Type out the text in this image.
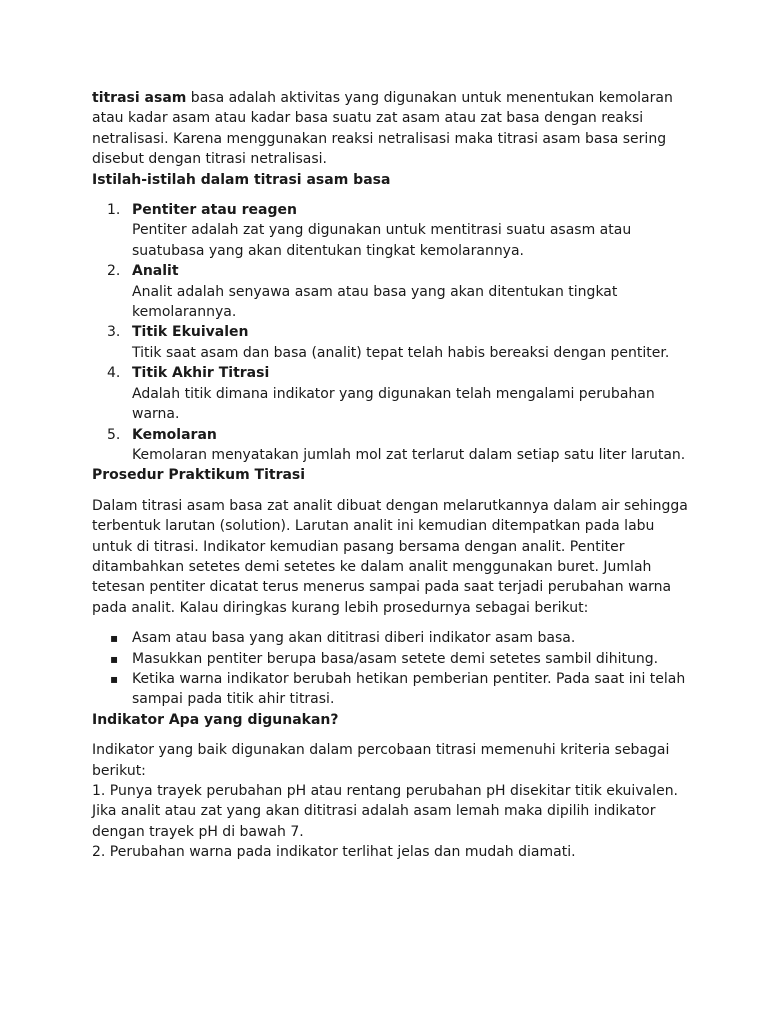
titrasi asam basa adalah aktivitas yang digunakan untuk menentukan kemolaran atau kadar asam atau kadar basa suatu zat asam atau zat basa dengan reaksi netralisasi. Karena menggunakan reaksi netralisasi maka titrasi asam basa sering disebut dengan titrasi netralisasi.

Istilah-istilah dalam titrasi asam basa

1. Pentiter atau reagen
Pentiter adalah zat yang digunakan untuk mentitrasi suatu asasm atau suatubasa yang akan ditentukan tingkat kemolarannya.
2. Analit
Analit adalah senyawa asam atau basa yang akan ditentukan tingkat kemolarannya.
3. Titik Ekuivalen
Titik saat asam dan basa (analit) tepat telah habis bereaksi dengan pentiter.
4. Titik Akhir Titrasi
Adalah titik dimana indikator yang digunakan telah mengalami perubahan warna.
5. Kemolaran
Kemolaran menyatakan jumlah mol zat terlarut dalam setiap satu liter larutan.

Prosedur Praktikum Titrasi

Dalam titrasi asam basa zat analit dibuat dengan melarutkannya dalam air sehingga terbentuk larutan (solution). Larutan analit ini kemudian ditempatkan pada labu untuk di titrasi. Indikator kemudian pasang bersama dengan analit. Pentiter ditambahkan setetes demi setetes ke dalam analit menggunakan buret. Jumlah tetesan pentiter dicatat terus menerus sampai pada saat terjadi perubahan warna pada analit. Kalau diringkas kurang lebih prosedurnya sebagai berikut:

▪ Asam atau basa yang akan dititrasi diberi indikator asam basa.
▪ Masukkan pentiter berupa basa/asam setete demi setetes sambil dihitung.
▪ Ketika warna indikator berubah hetikan pemberian pentiter. Pada saat ini telah sampai pada titik ahir titrasi.

Indikator Apa yang digunakan?

Indikator yang baik digunakan dalam percobaan titrasi memenuhi kriteria sebagai berikut:

1. Punya trayek perubahan pH atau rentang perubahan pH disekitar titik ekuivalen. Jika analit atau zat yang akan dititrasi adalah asam lemah maka dipilih indikator dengan trayek pH di bawah 7.

2. Perubahan warna pada indikator terlihat jelas dan mudah diamati.
